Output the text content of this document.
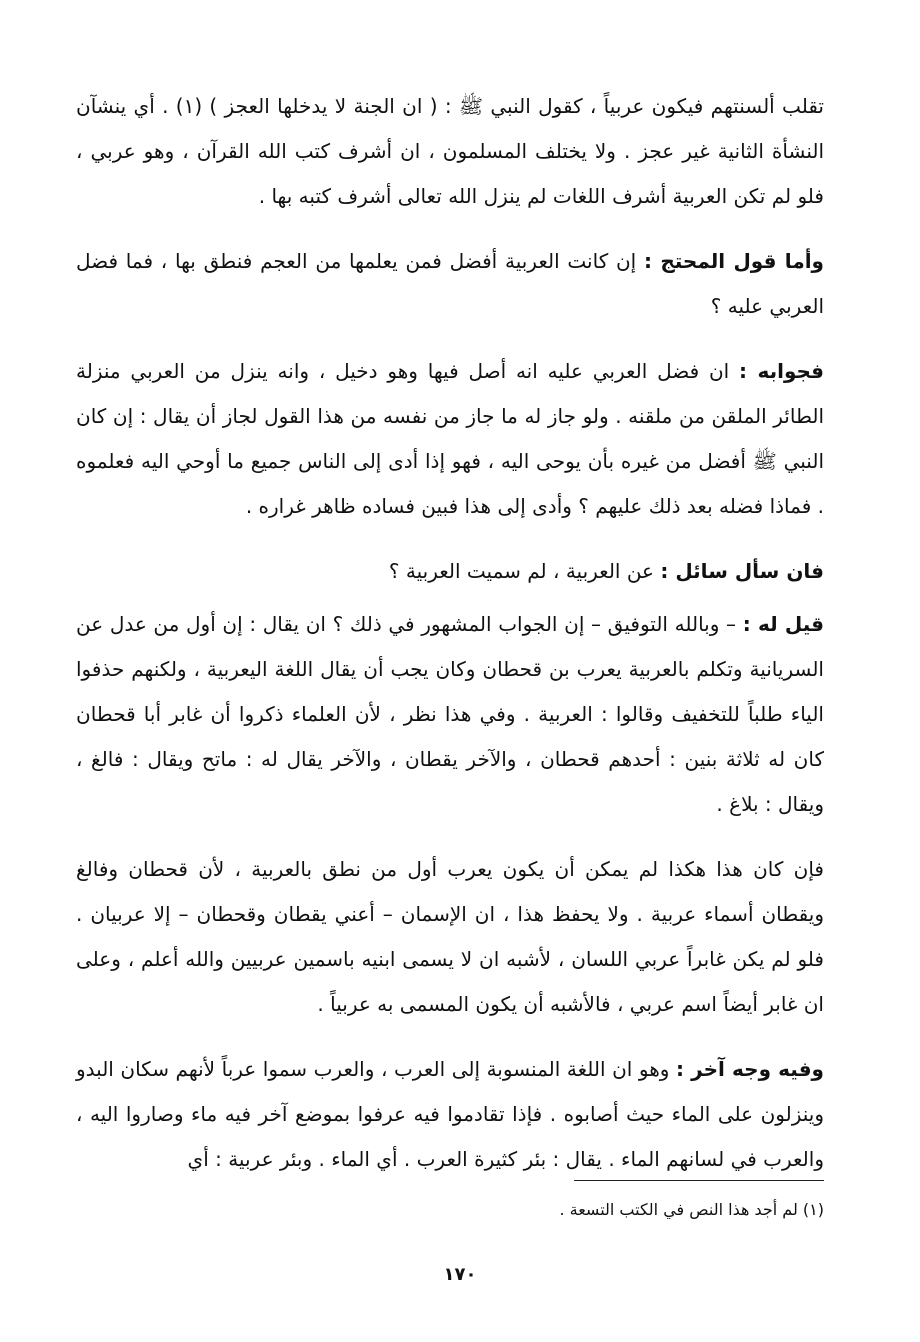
تقلب ألسنتهم فيكون عربياً ، كقول النبي ﷺ : ( ان الجنة لا يدخلها العجز ) (١) . أي ينشآن النشأة الثانية غير عجز . ولا يختلف المسلمون ، ان أشرف كتب الله القرآن ، وهو عربي ، فلو لم تكن العربية أشرف اللغات لم ينزل الله تعالى أشرف كتبه بها .

وأما قول المحتج : إن كانت العربية أفضل فمن يعلمها من العجم فنطق بها ، فما فضل العربي عليه ؟

فجوابه : ان فضل العربي عليه انه أصل فيها وهو دخيل ، وانه ينزل من العربي منزلة الطائر الملقن من ملقنه . ولو جاز له ما جاز من نفسه من هذا القول لجاز أن يقال : إن كان النبي ﷺ أفضل من غيره بأن يوحى اليه ، فهو إذا أدى إلى الناس جميع ما أوحي اليه فعلموه . فماذا فضله بعد ذلك عليهم ؟ وأدى إلى هذا فبين فساده ظاهر غراره .

فان سأل سائل : عن العربية ، لم سميت العربية ؟

قيل له : – وبالله التوفيق – إن الجواب المشهور في ذلك ؟ ان يقال : إن أول من عدل عن السريانية وتكلم بالعربية يعرب بن قحطان وكان يجب أن يقال اللغة اليعربية ، ولكنهم حذفوا الياء طلباً للتخفيف وقالوا : العربية . وفي هذا نظر ، لأن العلماء ذكروا أن غابر أبا قحطان كان له ثلاثة بنين : أحدهم قحطان ، والآخر يقطان ، والآخر يقال له : ماتح ويقال : فالغ ، ويقال : بلاغ .

فإن كان هذا هكذا لم يمكن أن يكون يعرب أول من نطق بالعربية ، لأن قحطان وفالغ ويقطان أسماء عربية . ولا يحفظ هذا ، ان الإسمان – أعني يقطان وقحطان – إلا عربيان . فلو لم يكن غابراً عربي اللسان ، لأشبه ان لا يسمى ابنيه باسمين عربيين والله أعلم ، وعلى ان غابر أيضاً اسم عربي ، فالأشبه أن يكون المسمى به عربياً .

وفيه وجه آخر : وهو ان اللغة المنسوبة إلى العرب ، والعرب سموا عرباً لأنهم سكان البدو وينزلون على الماء حيث أصابوه . فإذا تقادموا فيه عرفوا بموضع آخر فيه ماء وصاروا اليه ، والعرب في لسانهم الماء . يقال : بئر كثيرة العرب . أي الماء . وبئر عربية : أي

(١) لم أجد هذا النص في الكتب التسعة .
١٧٠
